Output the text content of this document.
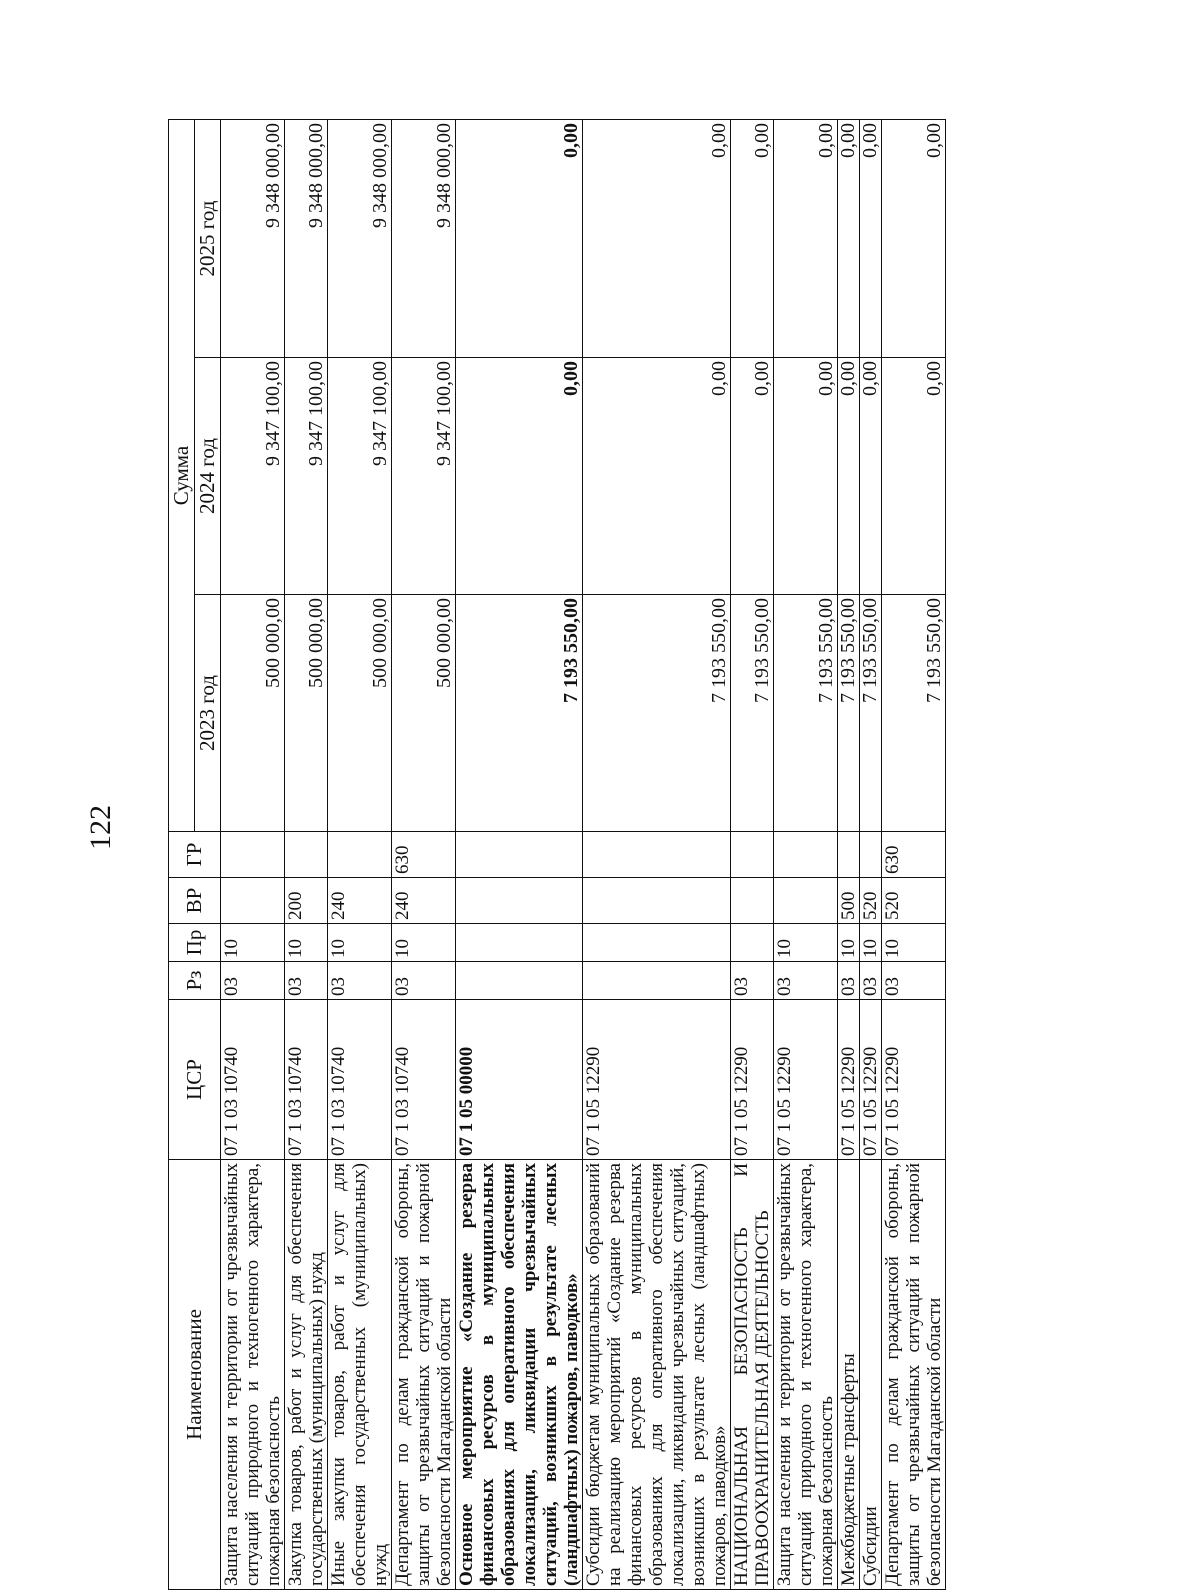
122
Наименование	ЦСР	Рз	Пр	ВР	ГР	Сумма		
						2023 год	2024 год	2025 год
Защита населения и территории от чрезвычайных ситуаций природного и техногенного характера, пожарная безопасность	07 1 03 10740	03	10			500 000,00	9 347 100,00	9 348 000,00
Закупка товаров, работ и услуг для обеспечения государственных (муниципальных) нужд	07 1 03 10740	03	10	200		500 000,00	9 347 100,00	9 348 000,00
Иные закупки товаров, работ и услуг для обеспечения государственных (муниципальных) нужд	07 1 03 10740	03	10	240		500 000,00	9 347 100,00	9 348 000,00
Департамент по делам гражданской обороны, защиты от чрезвычайных ситуаций и пожарной безопасности Магаданской области	07 1 03 10740	03	10	240	630	500 000,00	9 347 100,00	9 348 000,00
Основное мероприятие «Создание резерва финансовых ресурсов в муниципальных образованиях для оперативного обеспечения локализации, ликвидации чрезвычайных ситуаций, возникших в результате лесных (ландшафтных) пожаров, паводков»	07 1 05 00000					7 193 550,00	0,00	0,00
Субсидии бюджетам муниципальных образований на реализацию мероприятий «Создание резерва финансовых ресурсов в муниципальных образованиях для оперативного обеспечения локализации, ликвидации чрезвычайных ситуаций, возникших в результате лесных (ландшафтных) пожаров, паводков»	07 1 05 12290					7 193 550,00	0,00	0,00
НАЦИОНАЛЬНАЯ БЕЗОПАСНОСТЬ И ПРАВООХРАНИТЕЛЬНАЯ ДЕЯТЕЛЬНОСТЬ	07 1 05 12290	03				7 193 550,00	0,00	0,00
Защита населения и территории от чрезвычайных ситуаций природного и техногенного характера, пожарная безопасность	07 1 05 12290	03	10			7 193 550,00	0,00	0,00
Межбюджетные трансферты	07 1 05 12290	03	10	500		7 193 550,00	0,00	0,00
Субсидии	07 1 05 12290	03	10	520		7 193 550,00	0,00	0,00
Департамент по делам гражданской обороны, защиты от чрезвычайных ситуаций и пожарной безопасности Магаданской области	07 1 05 12290	03	10	520	630	7 193 550,00	0,00	0,00
